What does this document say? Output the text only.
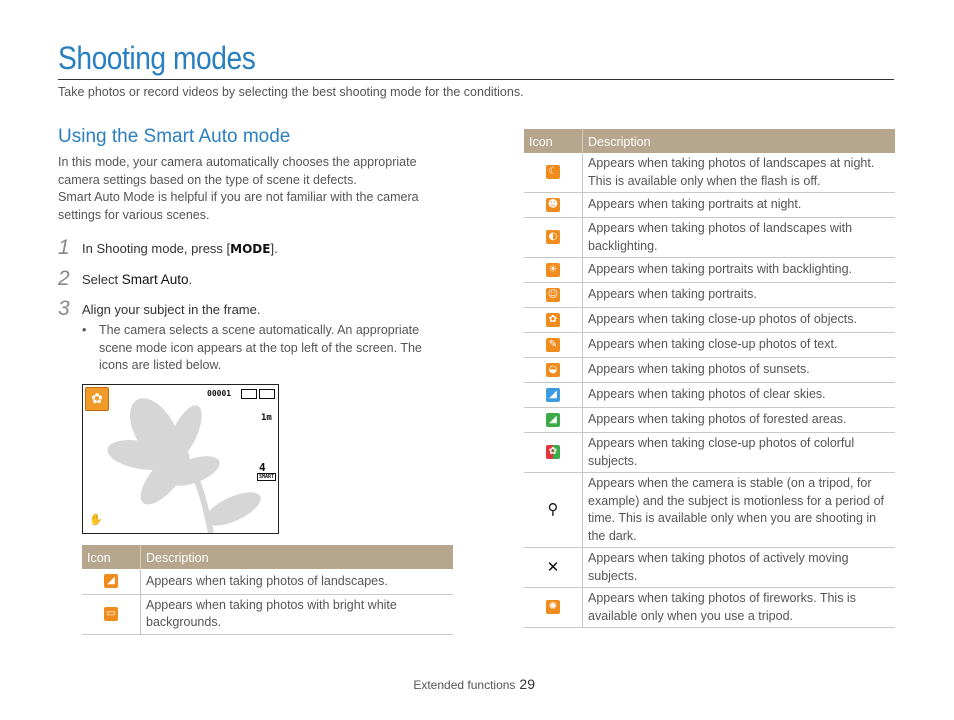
Shooting modes
Take photos or record videos by selecting the best shooting mode for the conditions.
Using the Smart Auto mode

In this mode, your camera automatically chooses the appropriate camera settings based on the type of scene it defects.

Smart Auto Mode is helpful if you are not familiar with the camera settings for various scenes.

1 In Shooting mode, press [MODE].
2 Select Smart Auto.
3 Align your subject in the frame.
• The camera selects a scene automatically. An appropriate scene mode icon appears at the top left of the screen. The icons are listed below.
✿	00001
1m
4
SMART
✋
Icon	Description

◢	Appears when taking photos of landscapes.

▭	Appears when taking photos with bright white backgrounds.
Icon	Description

☾	Appears when taking photos of landscapes at night. This is available only when the flash is off.

☻	Appears when taking portraits at night.

◐	Appears when taking photos of landscapes with backlighting.

☀	Appears when taking portraits with backlighting.

☺	Appears when taking portraits.

✿	Appears when taking close-up photos of objects.

✎	Appears when taking close-up photos of text.

◒	Appears when taking photos of sunsets.

◢	Appears when taking photos of clear skies.

◢	Appears when taking photos of forested areas.

✿	Appears when taking close-up photos of colorful subjects.
⚲	Appears when the camera is stable (on a tripod, for example) and the subject is motionless for a period of time. This is available only when you are shooting in the dark.
✕	Appears when taking photos of actively moving subjects.

✺	Appears when taking photos of fireworks. This is available only when you use a tripod.
Extended functions 29
